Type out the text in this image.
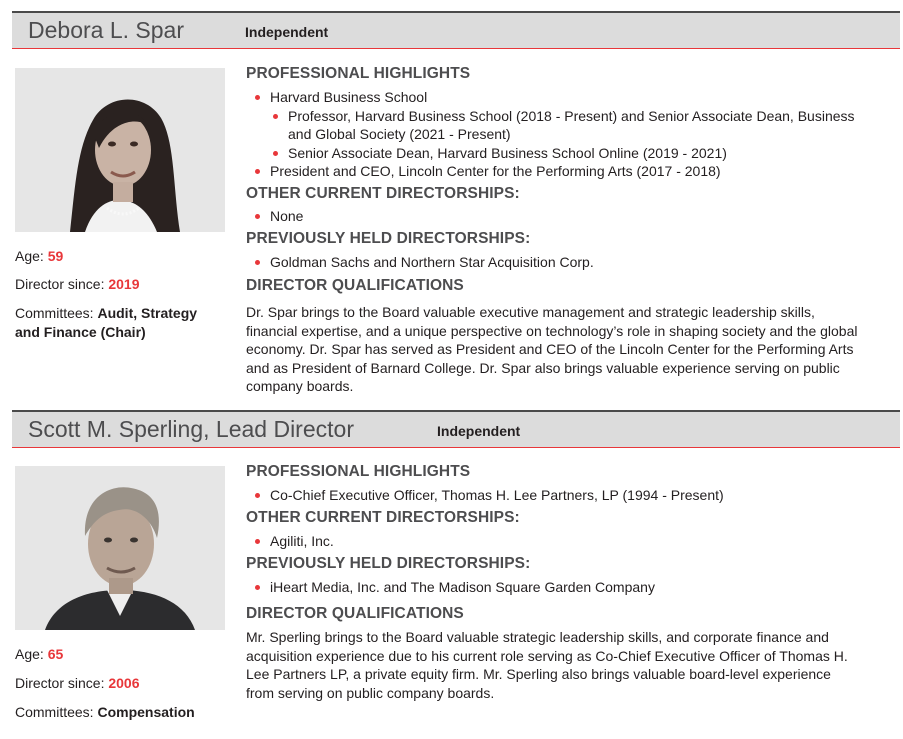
Debora L. Spar	Independent
Age: 59
Director since: 2019
Committees: Audit, Strategy
and Finance (Chair)
PROFESSIONAL HIGHLIGHTS
Harvard Business School
Professor, Harvard Business School (2018 - Present) and Senior Associate Dean, Business
and Global Society (2021 - Present)
Senior Associate Dean, Harvard Business School Online (2019 - 2021)
President and CEO, Lincoln Center for the Performing Arts (2017 - 2018)
OTHER CURRENT DIRECTORSHIPS:
None
PREVIOUSLY HELD DIRECTORSHIPS:
Goldman Sachs and Northern Star Acquisition Corp.
DIRECTOR QUALIFICATIONS
Dr. Spar brings to the Board valuable executive management and strategic leadership skills,
financial expertise, and a unique perspective on technology’s role in shaping society and the global
economy. Dr. Spar has served as President and CEO of the Lincoln Center for the Performing Arts
and as President of Barnard College. Dr. Spar also brings valuable experience serving on public
company boards.
Scott M. Sperling, Lead Director	Independent
Age: 65
Director since: 2006
Committees: Compensation
PROFESSIONAL HIGHLIGHTS
Co-Chief Executive Officer, Thomas H. Lee Partners, LP (1994 - Present)
OTHER CURRENT DIRECTORSHIPS:
Agiliti, Inc.
PREVIOUSLY HELD DIRECTORSHIPS:
iHeart Media, Inc. and The Madison Square Garden Company
DIRECTOR QUALIFICATIONS
Mr. Sperling brings to the Board valuable strategic leadership skills, and corporate finance and
acquisition experience due to his current role serving as Co-Chief Executive Officer of Thomas H.
Lee Partners LP, a private equity firm. Mr. Sperling also brings valuable board-level experience
from serving on public company boards.
